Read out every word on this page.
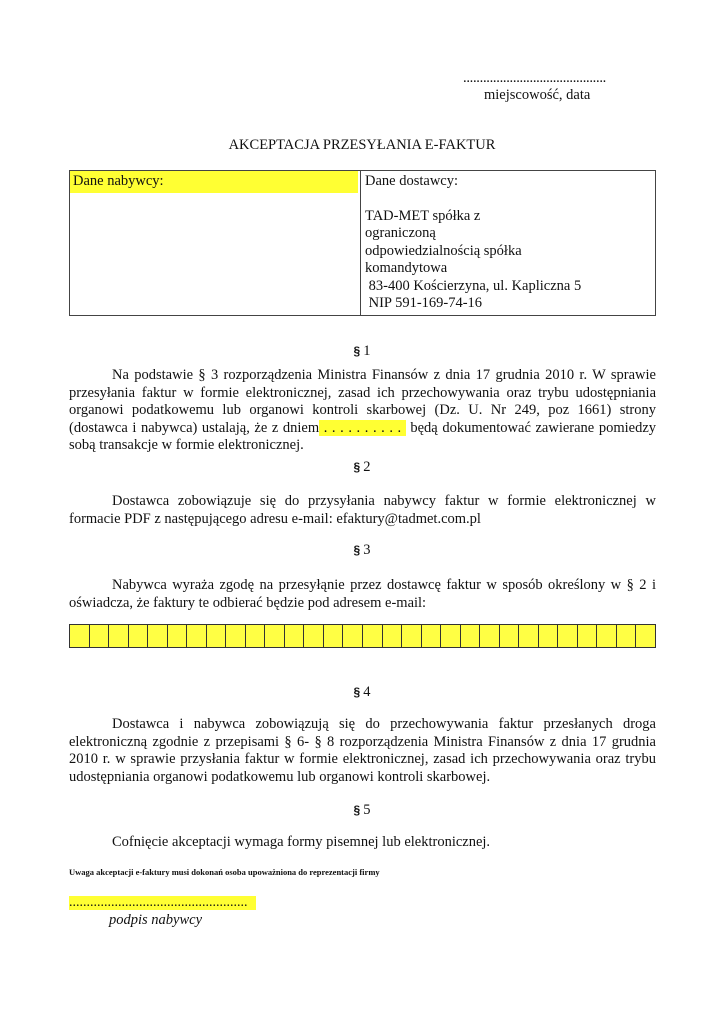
...........................................
miejscowość, data
AKCEPTACJA PRZESYŁANIA E-FAKTUR
Dane nabywcy:	Dane dostawcy:
TAD-MET spółka z
ograniczoną
odpowiedzialnością spółka
komandytowa
83-400 Kościerzyna, ul. Kapliczna 5
NIP 591-169-74-16
§ 1
Na podstawie § 3 rozporządzenia Ministra Finansów z dnia 17 grudnia 2010 r. W sprawie przesyłania faktur w formie elektronicznej, zasad ich przechowywania oraz trybu udostępniania organowi podatkowemu lub organowi kontroli skarbowej (Dz. U. Nr 249, poz 1661) strony (dostawca i nabywca) ustalają, że z dniem . . . . . . . . . .  będą dokumentować zawierane pomiedzy sobą transakcje w formie elektronicznej.
§ 2
Dostawca zobowiązuje się do przysyłania nabywcy faktur w formie elektronicznej w formacie PDF z następującego adresu e-mail: efaktury@tadmet.com.pl
§ 3
Nabywca wyraża zgodę na przesyłąnie przez dostawcę faktur w sposób określony w § 2 i oświadcza, że faktury te odbierać będzie pod adresem e-mail:
§ 4
Dostawca i nabywca zobowiązują się do przechowywania faktur przesłanych droga elektroniczną zgodnie z przepisami § 6- § 8 rozporządzenia Ministra Finansów z dnia 17 grudnia 2010 r. w sprawie przysłania faktur w formie elektronicznej, zasad ich przechowywania oraz trybu udostępniania organowi podatkowemu lub organowi kontroli skarbowej.
§ 5
Cofnięcie akceptacji wymaga formy pisemnej lub elektronicznej.
Uwaga akceptacji e-faktury musi dokonań osoba upoważniona do reprezentacji firmy
...................................................
podpis nabywcy
